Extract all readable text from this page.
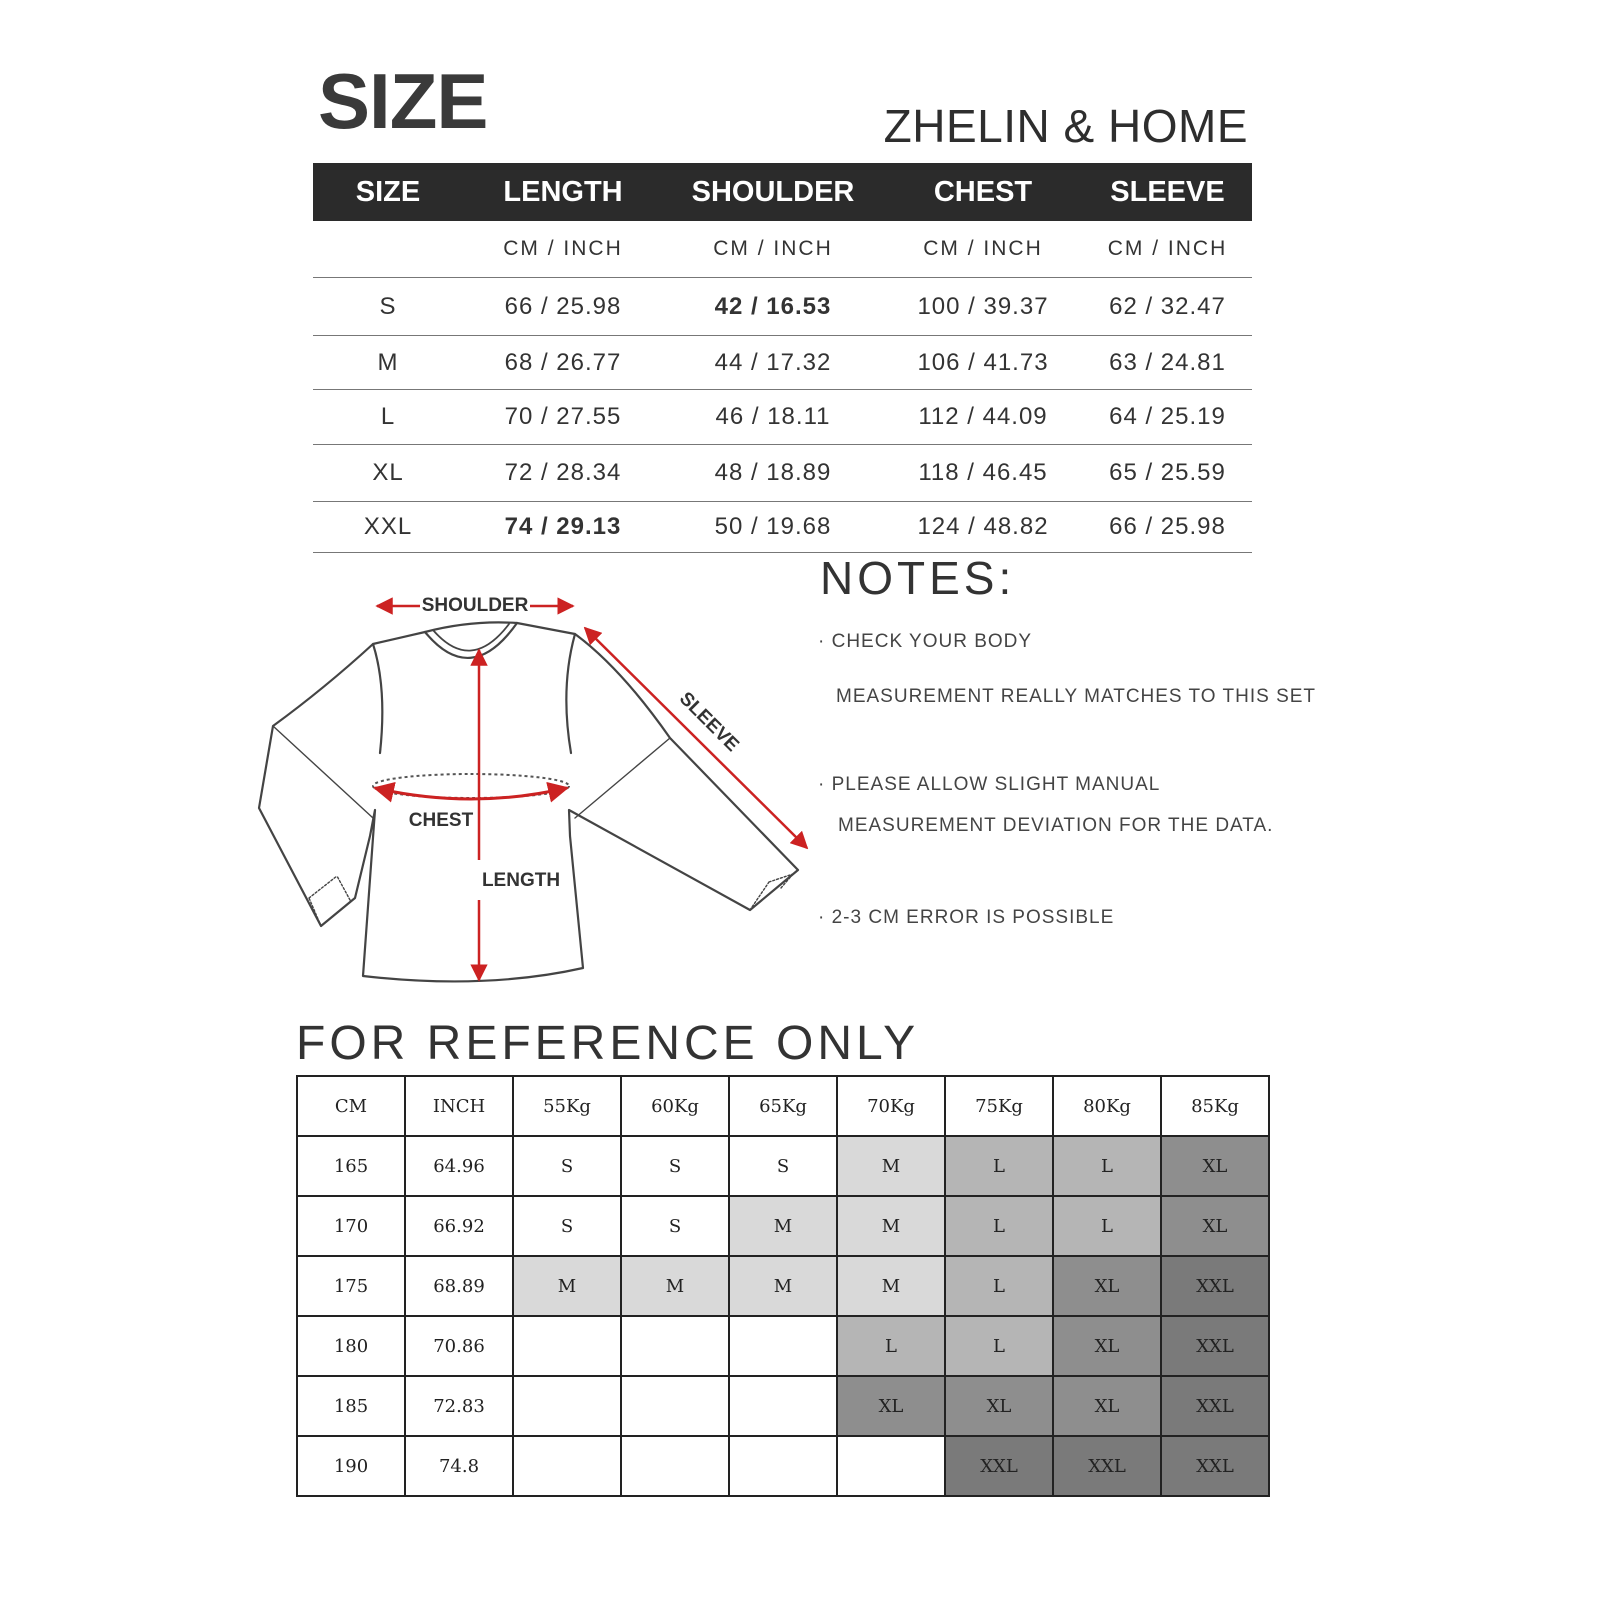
SIZE	ZHELIN & HOME
SIZE	LENGTH	SHOULDER	CHEST	SLEEVE
CM / INCH	CM / INCH	CM / INCH	CM / INCH
S	66 / 25.98	42 / 16.53	100 / 39.37	62 / 32.47
M	68 / 26.77	44 / 17.32	106 / 41.73	63 / 24.81
L	70 / 27.55	46 / 18.11	112 / 44.09	64 / 25.19
XL	72 / 28.34	48 / 18.89	118 / 46.45	65 / 25.59
XXL	74 / 29.13	50 / 19.68	124 / 48.82	66 / 25.98
SHOULDER
SLEEVE
CHEST
LENGTH
NOTES:
· CHECK YOUR BODY
MEASUREMENT REALLY MATCHES TO THIS SET
· PLEASE ALLOW SLIGHT MANUAL
MEASUREMENT DEVIATION FOR THE DATA.
· 2-3 CM ERROR IS POSSIBLE
FOR REFERENCE ONLY
CM	INCH	55Kg	60Kg	65Kg	70Kg	75Kg	80Kg	85Kg
165	64.96	S	S	S	M	L	L	XL
170	66.92	S	S	M	M	L	L	XL
175	68.89	M	M	M	M	L	XL	XXL
180	70.86				L	L	XL	XXL
185	72.83				XL	XL	XL	XXL
190	74.8					XXL	XXL	XXL
